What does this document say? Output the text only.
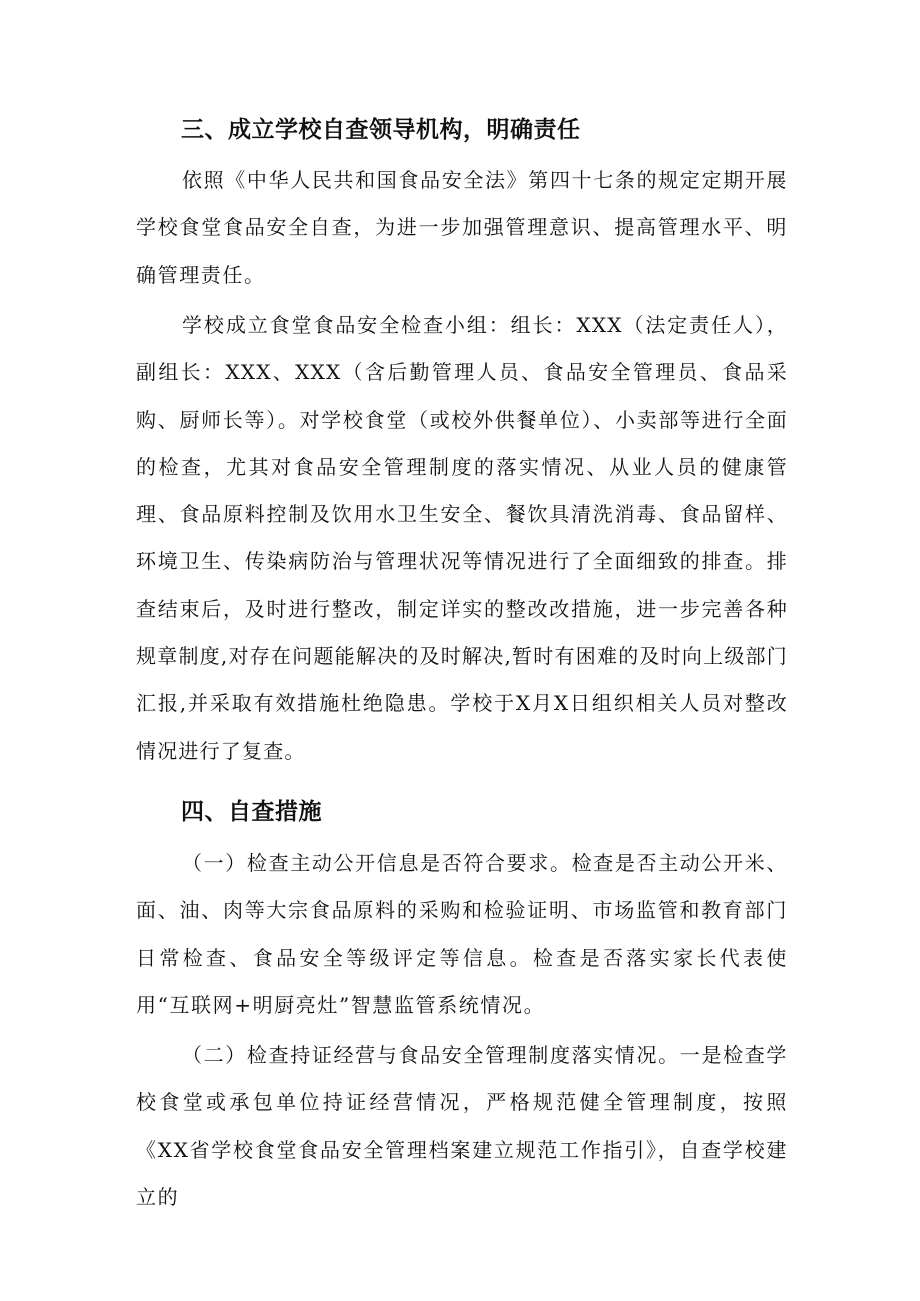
三、成立学校自查领导机构，明确责任

依照《中华人民共和国食品安全法》第四十七条的规定定期开展学校食堂食品安全自查，为进一步加强管理意识、提高管理水平、明确管理责任。

学校成立食堂食品安全检查小组：组长：XXX（法定责任人），副组长：XXX、XXX（含后勤管理人员、食品安全管理员、食品采购、厨师长等）。对学校食堂（或校外供餐单位）、小卖部等进行全面的检查，尤其对食品安全管理制度的落实情况、从业人员的健康管理、食品原料控制及饮用水卫生安全、餐饮具清洗消毒、食品留样、环境卫生、传染病防治与管理状况等情况进行了全面细致的排查。排查结束后，及时进行整改，制定详实的整改改措施，进一步完善各种规章制度,对存在问题能解决的及时解决,暂时有困难的及时向上级部门汇报,并采取有效措施杜绝隐患。学校于X月X日组织相关人员对整改情况进行了复查。

四、自查措施

（一）检查主动公开信息是否符合要求。检查是否主动公开米、面、油、肉等大宗食品原料的采购和检验证明、市场监管和教育部门日常检查、食品安全等级评定等信息。检查是否落实家长代表使用“互联网+明厨亮灶”智慧监管系统情况。

（二）检查持证经营与食品安全管理制度落实情况。一是检查学校食堂或承包单位持证经营情况，严格规范健全管理制度，按照《XX省学校食堂食品安全管理档案建立规范工作指引》，自查学校建立的
